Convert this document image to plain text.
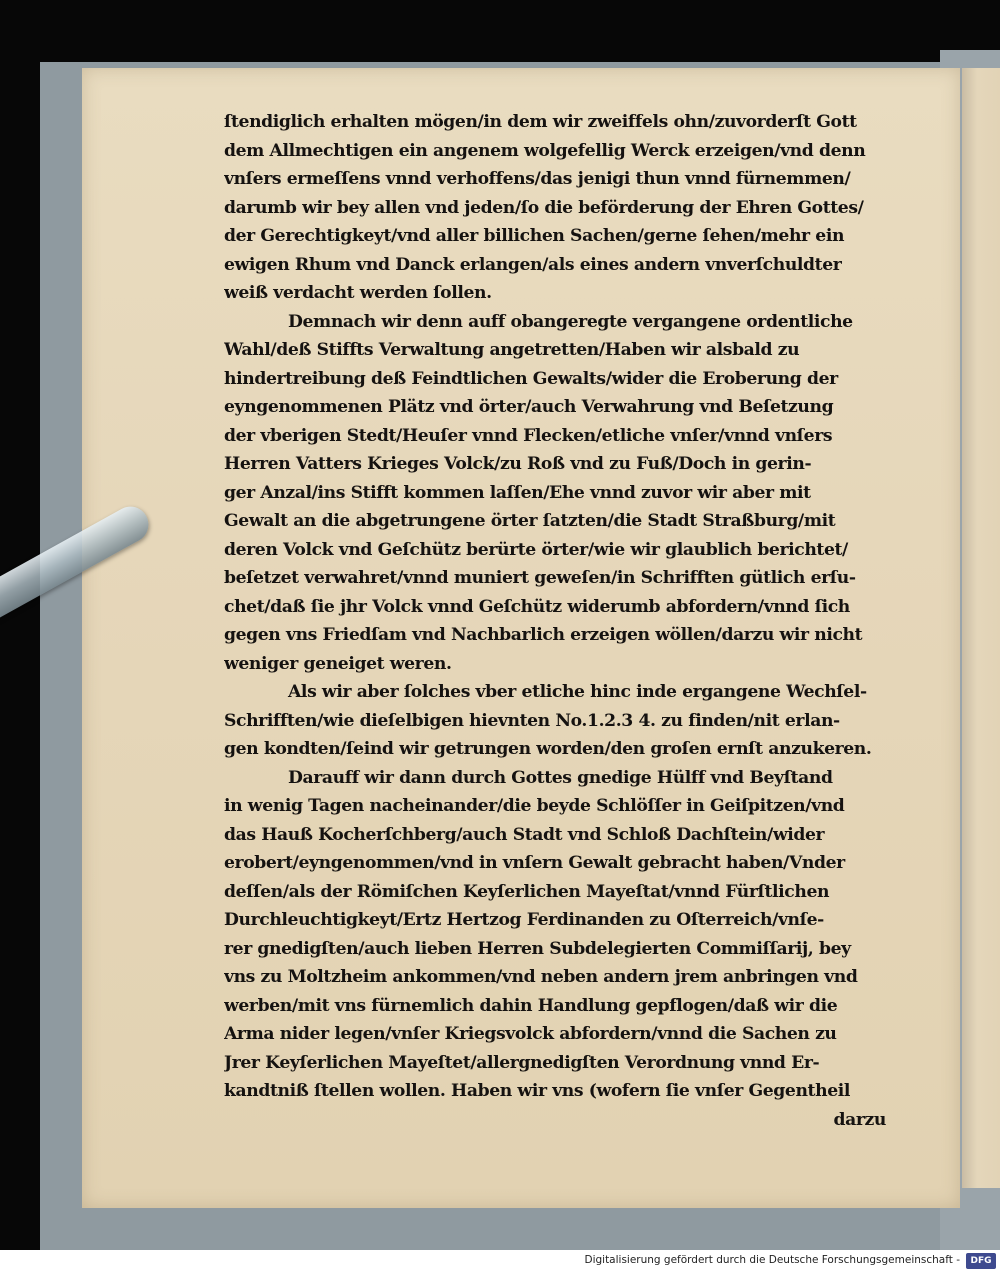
ſtendiglich erhalten mögen/in dem wir zweiffels ohn/zuvorderſt Gott
dem Allmechtigen ein angenem wolgefellig Werck erzeigen/vnd denn
vnſers ermeſſens vnnd verhoffens/das jenigi thun vnnd fürnemmen/
darumb wir bey allen vnd jeden/ſo die beförderung der Ehren Gottes/
der Gerechtigkeyt/vnd aller billichen Sachen/gerne ſehen/mehr ein
ewigen Rhum vnd Danck erlangen/als eines andern vnverſchuldter
weiß verdacht werden ſollen.
Demnach wir denn auff obangeregte vergangene ordentliche
Wahl/deß Stiffts Verwaltung angetretten/Haben wir alsbald zu
hindertreibung deß Feindtlichen Gewalts/wider die Eroberung der
eyngenommenen Plätz vnd örter/auch Verwahrung vnd Beſetzung
der vberigen Stedt/Heuſer vnnd Flecken/etliche vnſer/vnnd vnſers
Herren Vatters Krieges Volck/zu Roß vnd zu Fuß/Doch in gerin-
ger Anzal/ins Stifft kommen laſſen/Ehe vnnd zuvor wir aber mit
Gewalt an die abgetrungene örter ſatzten/die Stadt Straßburg/mit
deren Volck vnd Geſchütz berürte örter/wie wir glaublich berichtet/
beſetzet verwahret/vnnd muniert geweſen/in Schrifften gütlich erſu-
chet/daß ſie jhr Volck vnnd Geſchütz widerumb abfordern/vnnd ſich
gegen vns Friedſam vnd Nachbarlich erzeigen wöllen/darzu wir nicht
weniger geneiget weren.
Als wir aber ſolches vber etliche hinc inde ergangene Wechſel-
Schrifften/wie dieſelbigen hievnten No.1.2.3 4. zu finden/nit erlan-
gen kondten/ſeind wir getrungen worden/den groſen ernſt anzukeren.
Darauff wir dann durch Gottes gnedige Hülff vnd Beyſtand
in wenig Tagen nacheinander/die beyde Schlöſſer in Geiſpitzen/vnd
das Hauß Kocherſchberg/auch Stadt vnd Schloß Dachſtein/wider
erobert/eyngenommen/vnd in vnſern Gewalt gebracht haben/Vnder
deſſen/als der Römiſchen Keyſerlichen Mayeſtat/vnnd Fürſtlichen
Durchleuchtigkeyt/Ertz Hertzog Ferdinanden zu Oſterreich/vnſe-
rer gnedigſten/auch lieben Herren Subdelegierten Commiſſarij, bey
vns zu Moltzheim ankommen/vnd neben andern jrem anbringen vnd
werben/mit vns fürnemlich dahin Handlung gepflogen/daß wir die
Arma nider legen/vnſer Kriegsvolck abfordern/vnnd die Sachen zu
Jrer Keyſerlichen Mayeſtet/allergnedigſten Verordnung vnnd Er-
kandtniß ſtellen wollen. Haben wir vns (wofern ſie vnſer Gegentheil
darzu
Digitalisierung gefördert durch die Deutsche Forschungsgemeinschaft -	DFG
